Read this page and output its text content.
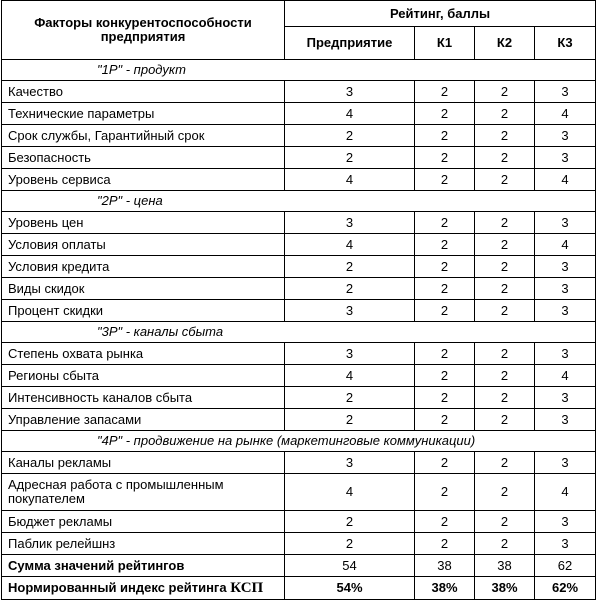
Факторы конкурентоспособности предприятия	Рейтинг, баллы			
	Предприятие	К1	К2	К3
"1Р" - продукт				
Качество	3	2	2	3
Технические параметры	4	2	2	4
Срок службы, Гарантийный срок	2	2	2	3
Безопасность	2	2	2	3
Уровень сервиса	4	2	2	4
"2Р" - цена				
Уровень цен	3	2	2	3
Условия оплаты	4	2	2	4
Условия кредита	2	2	2	3
Виды скидок	2	2	2	3
Процент скидки	3	2	2	3
"3Р" - каналы сбыта				
Степень охвата рынка	3	2	2	3
Регионы сбыта	4	2	2	4
Интенсивность каналов сбыта	2	2	2	3
Управление запасами	2	2	2	3
"4Р" - продвижение на рынке (маркетинговые коммуникации)				
Каналы рекламы	3	2	2	3
Адресная работа с промышленным покупателем	4	2	2	4
Бюджет рекламы	2	2	2	3
Паблик релейшнз	2	2	2	3
Сумма значений рейтингов	54	38	38	62
Нормированный индекс рейтинга КСП	54%	38%	38%	62%
